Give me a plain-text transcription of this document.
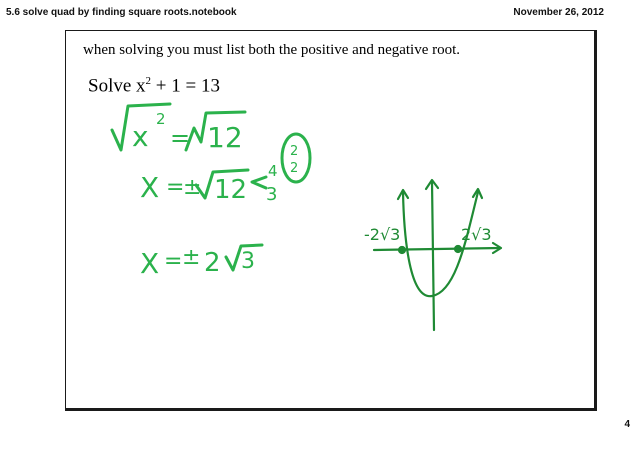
5.6 solve quad by finding square roots.notebook	November 26, 2012
when solving you must list both the positive and negative root.
Solve $x^2 + 1 = 13$
x
2
= 12
X =
± 12
4
3
2
2
X = ± 2 3
-2√3	2√3
4
